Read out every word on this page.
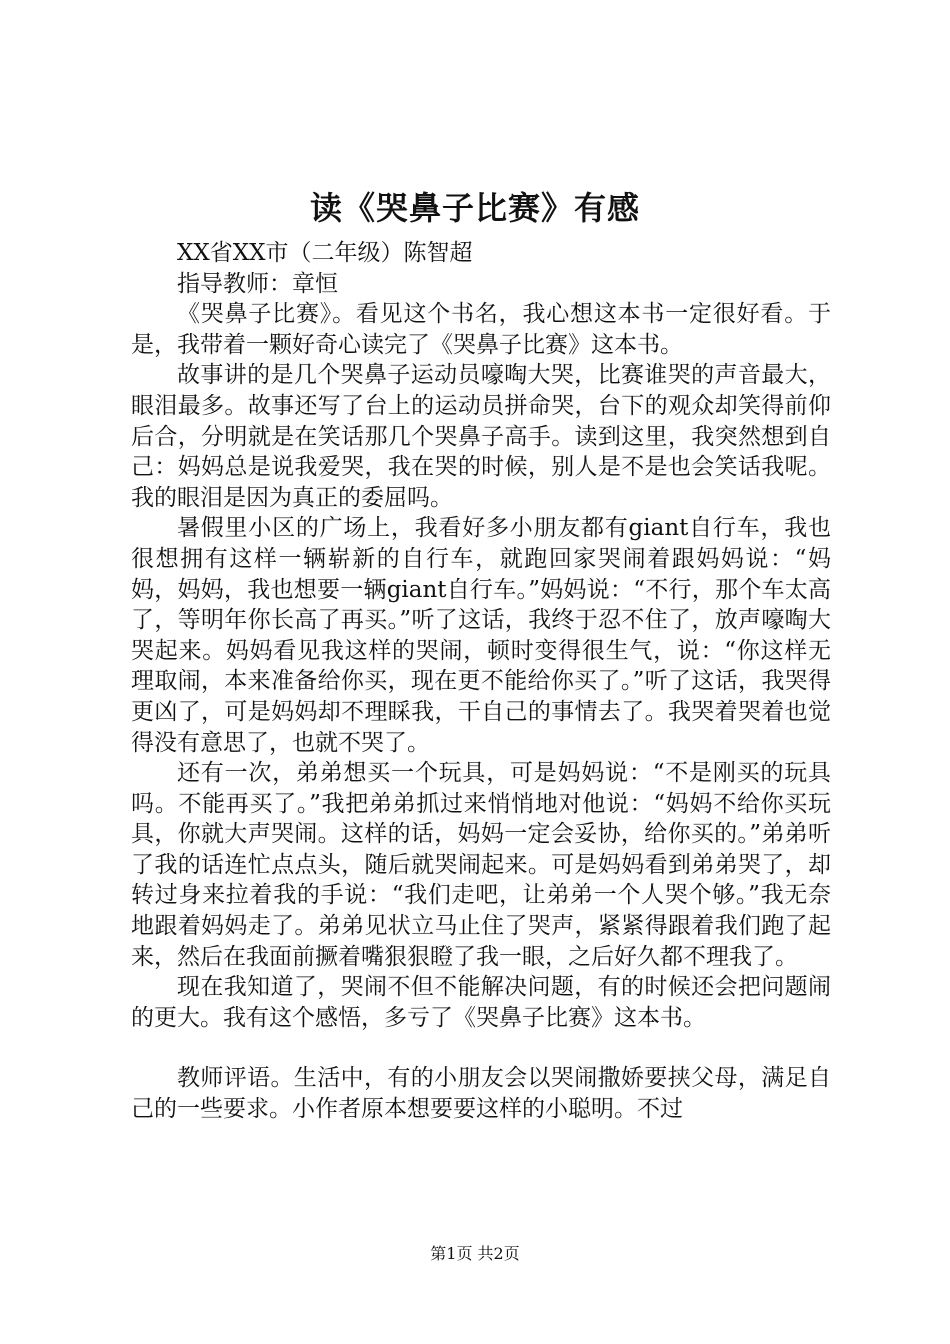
读《哭鼻子比赛》有感

XX省XX市（二年级）陈智超

指导教师：章恒

《哭鼻子比赛》。看见这个书名，我心想这本书一定很好看。于是，我带着一颗好奇心读完了《哭鼻子比赛》这本书。

故事讲的是几个哭鼻子运动员嚎啕大哭，比赛谁哭的声音最大，眼泪最多。故事还写了台上的运动员拼命哭，台下的观众却笑得前仰后合，分明就是在笑话那几个哭鼻子高手。读到这里，我突然想到自己：妈妈总是说我爱哭，我在哭的时候，别人是不是也会笑话我呢。我的眼泪是因为真正的委屈吗。

暑假里小区的广场上，我看好多小朋友都有giant自行车，我也很想拥有这样一辆崭新的自行车，就跑回家哭闹着跟妈妈说：“妈妈，妈妈，我也想要一辆giant自行车。”妈妈说：“不行，那个车太高了，等明年你长高了再买。”听了这话，我终于忍不住了，放声嚎啕大哭起来。妈妈看见我这样的哭闹，顿时变得很生气，说：“你这样无理取闹，本来准备给你买，现在更不能给你买了。”听了这话，我哭得更凶了，可是妈妈却不理睬我，干自己的事情去了。我哭着哭着也觉得没有意思了，也就不哭了。

还有一次，弟弟想买一个玩具，可是妈妈说：“不是刚买的玩具吗。不能再买了。”我把弟弟抓过来悄悄地对他说：“妈妈不给你买玩具，你就大声哭闹。这样的话，妈妈一定会妥协，给你买的。”弟弟听了我的话连忙点点头，随后就哭闹起来。可是妈妈看到弟弟哭了，却转过身来拉着我的手说：“我们走吧，让弟弟一个人哭个够。”我无奈地跟着妈妈走了。弟弟见状立马止住了哭声，紧紧得跟着我们跑了起来，然后在我面前撅着嘴狠狠瞪了我一眼，之后好久都不理我了。

现在我知道了，哭闹不但不能解决问题，有的时候还会把问题闹的更大。我有这个感悟，多亏了《哭鼻子比赛》这本书。

教师评语。生活中，有的小朋友会以哭闹撒娇要挟父母，满足自己的一些要求。小作者原本想要要这样的小聪明。不过

第1页 共2页
